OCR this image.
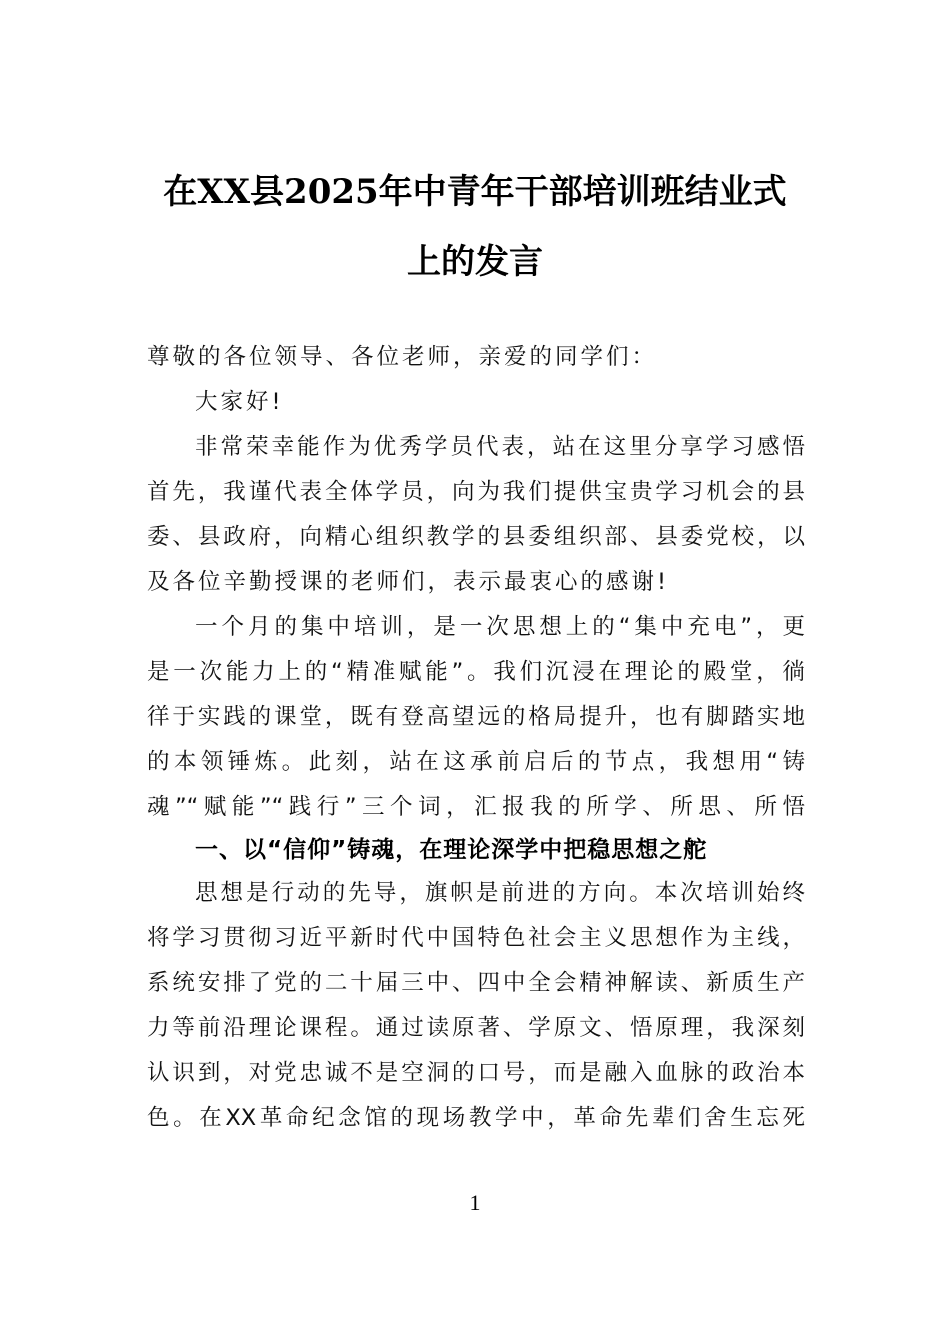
在XX县2025年中青年干部培训班结业式
上的发言
尊敬的各位领导、各位老师，亲爱的同学们：
大家好!
非常荣幸能作为优秀学员代表，站在这里分享学习感悟
首先，我谨代表全体学员，向为我们提供宝贵学习机会的县
委、县政府，向精心组织教学的县委组织部、县委党校，以
及各位辛勤授课的老师们，表示最衷心的感谢!
一个月的集中培训，是一次思想上的“集中充电”，更
是一次能力上的“精准赋能”。我们沉浸在理论的殿堂，徜
徉于实践的课堂，既有登高望远的格局提升，也有脚踏实地
的本领锤炼。此刻，站在这承前启后的节点，我想用“铸
魂”“赋能”“践行”三个词，汇报我的所学、所思、所悟
一、以“信仰”铸魂，在理论深学中把稳思想之舵
思想是行动的先导，旗帜是前进的方向。本次培训始终
将学习贯彻习近平新时代中国特色社会主义思想作为主线，
系统安排了党的二十届三中、四中全会精神解读、新质生产
力等前沿理论课程。通过读原著、学原文、悟原理，我深刻
认识到，对党忠诚不是空洞的口号，而是融入血脉的政治本
色。在XX革命纪念馆的现场教学中，革命先辈们舍生忘死
1
